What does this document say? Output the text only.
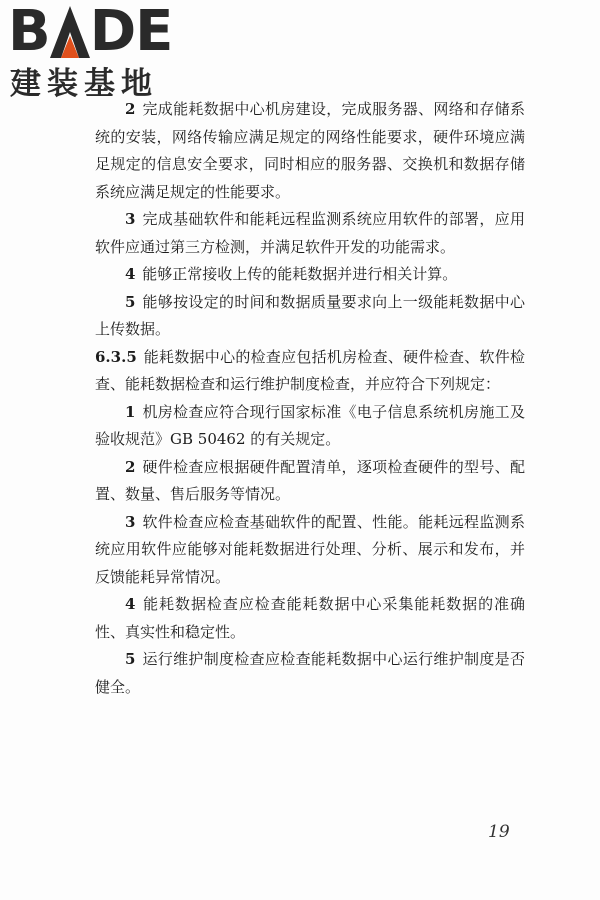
B D E
建装基地

2 完成能耗数据中心机房建设，完成服务器、网络和存储系统的安装，网络传输应满足规定的网络性能要求，硬件环境应满足规定的信息安全要求，同时相应的服务器、交换机和数据存储系统应满足规定的性能要求。

3 完成基础软件和能耗远程监测系统应用软件的部署，应用软件应通过第三方检测，并满足软件开发的功能需求。

4 能够正常接收上传的能耗数据并进行相关计算。

5 能够按设定的时间和数据质量要求向上一级能耗数据中心上传数据。

6.3.5 能耗数据中心的检查应包括机房检查、硬件检查、软件检查、能耗数据检查和运行维护制度检查，并应符合下列规定：

1 机房检查应符合现行国家标准《电子信息系统机房施工及验收规范》GB 50462 的有关规定。

2 硬件检查应根据硬件配置清单，逐项检查硬件的型号、配置、数量、售后服务等情况。

3 软件检查应检查基础软件的配置、性能。能耗远程监测系统应用软件应能够对能耗数据进行处理、分析、展示和发布，并反馈能耗异常情况。

4 能耗数据检查应检查能耗数据中心采集能耗数据的准确性、真实性和稳定性。

5 运行维护制度检查应检查能耗数据中心运行维护制度是否健全。

19
